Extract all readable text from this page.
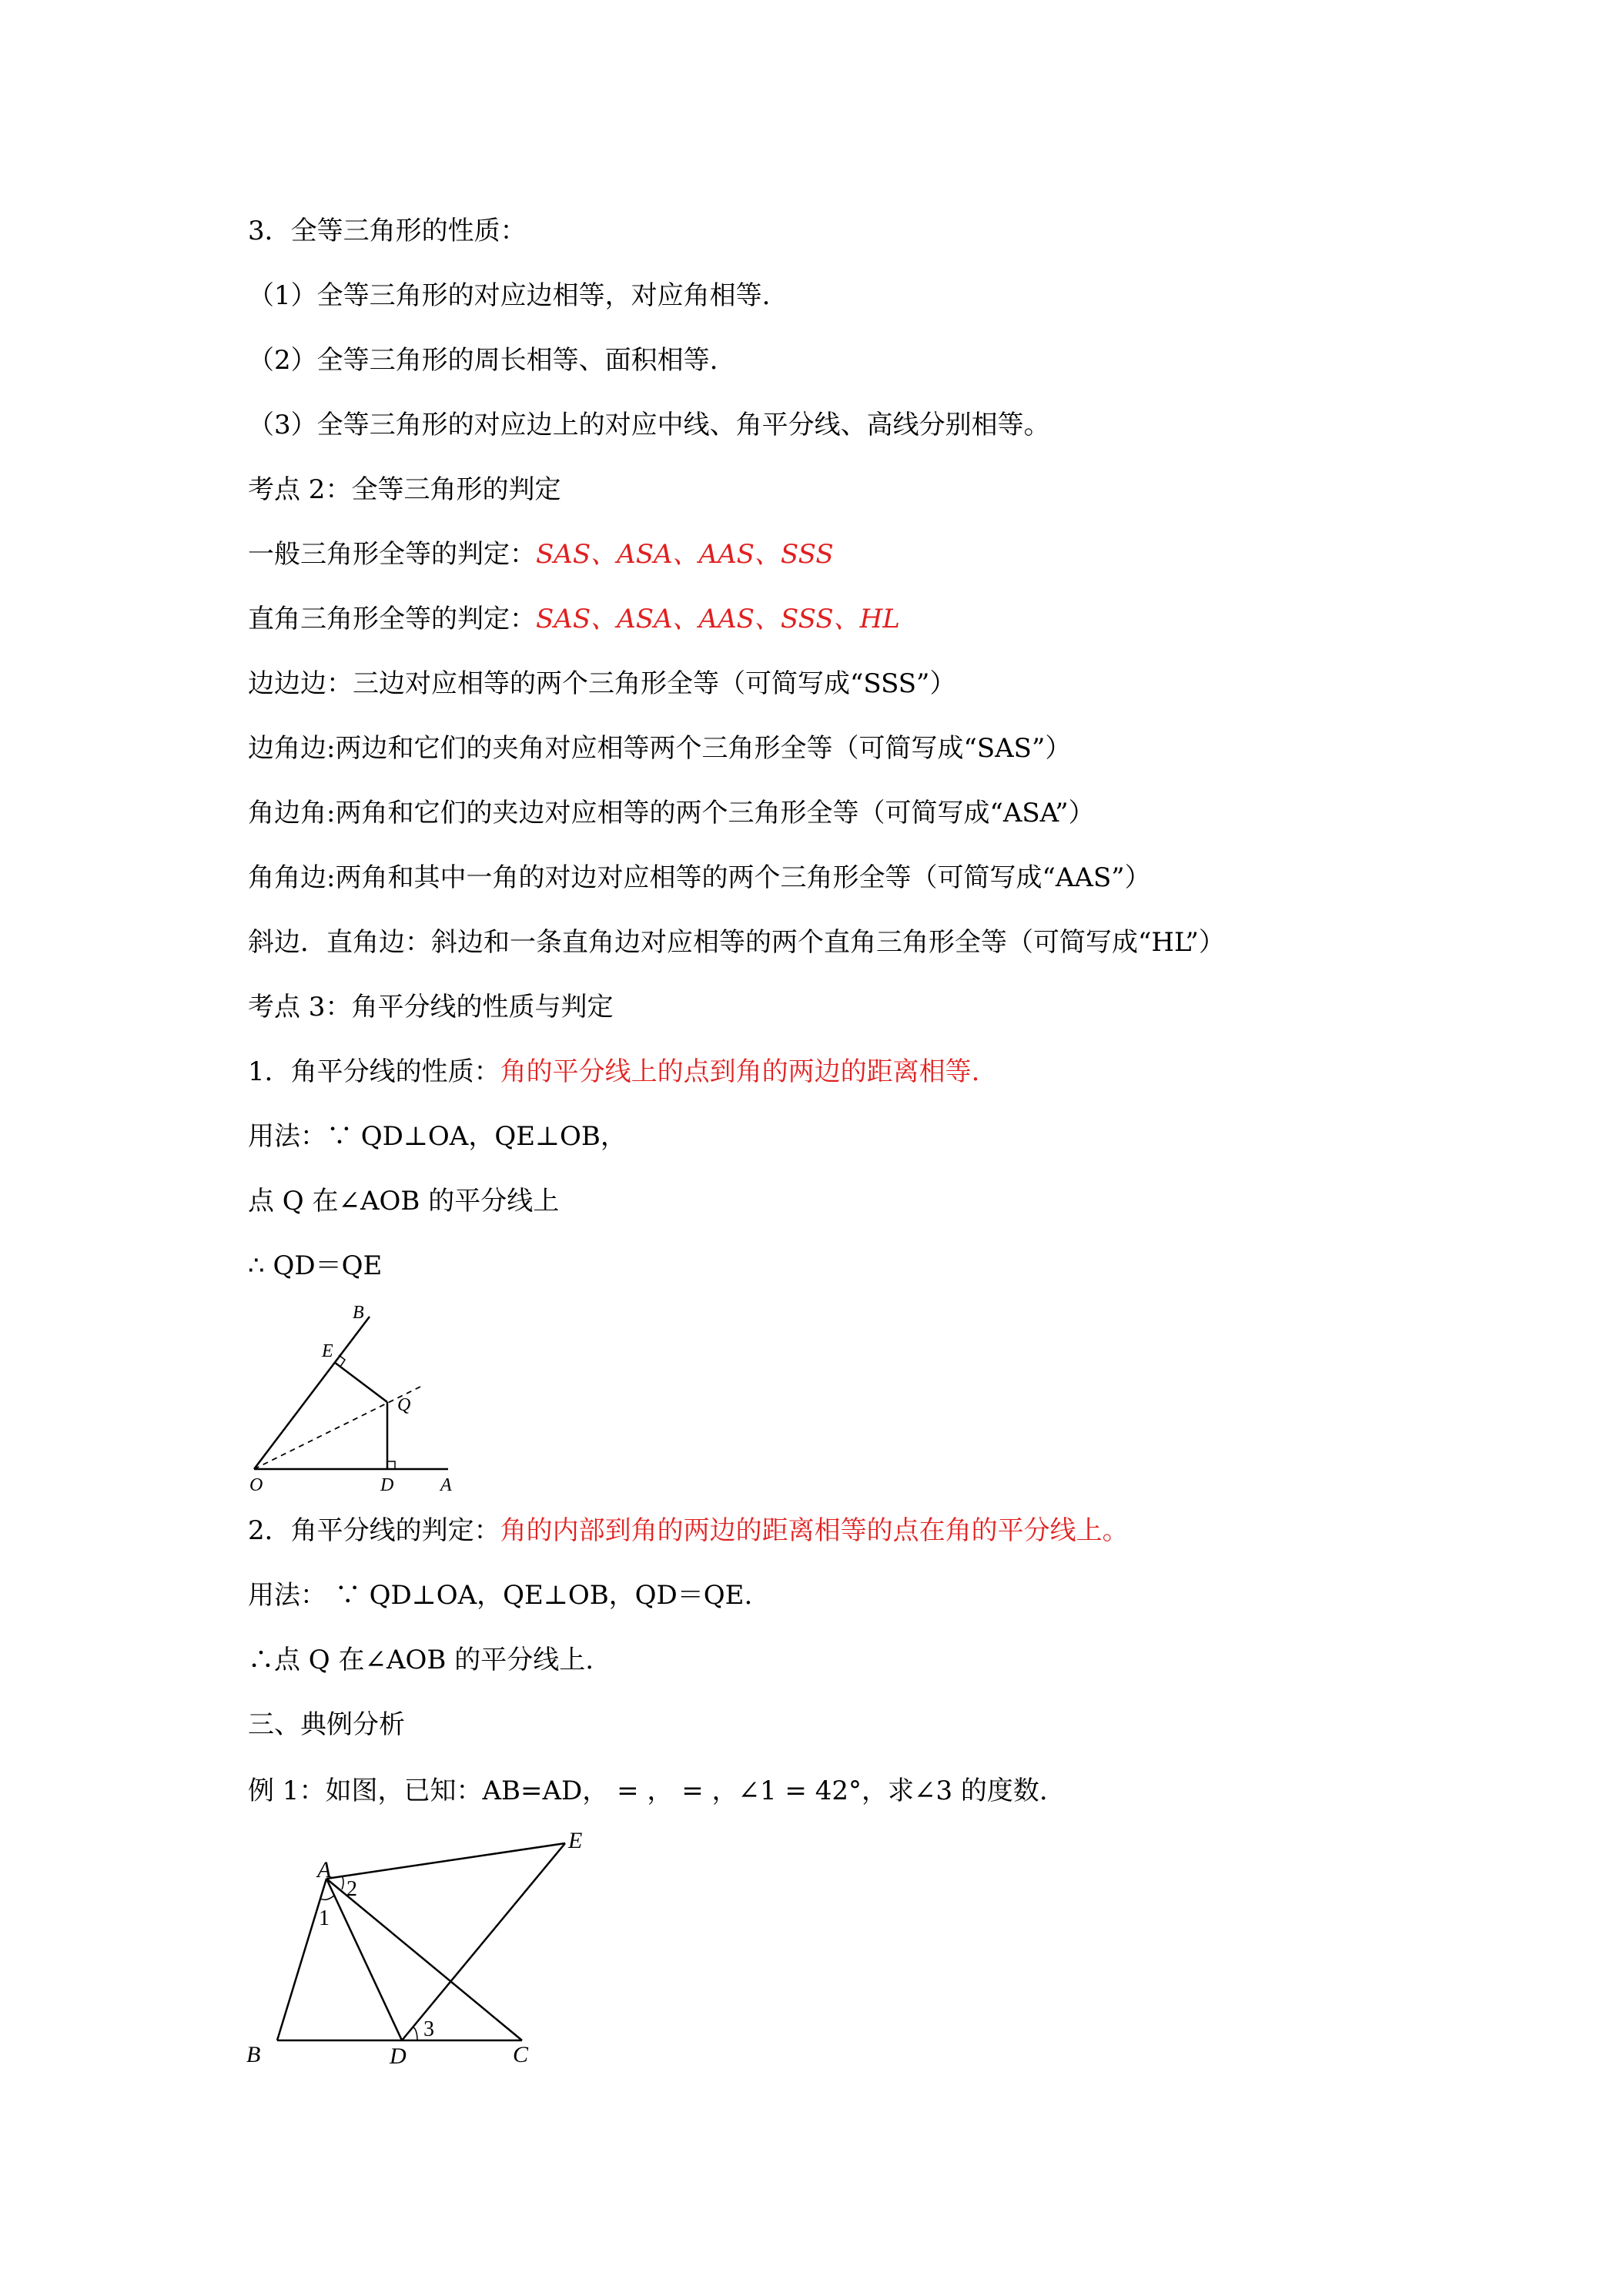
3．全等三角形的性质：
（1）全等三角形的对应边相等，对应角相等.
（2）全等三角形的周长相等、面积相等.
（3）全等三角形的对应边上的对应中线、角平分线、高线分别相等。
考点 2：全等三角形的判定
一般三角形全等的判定：SAS、ASA、AAS、SSS
直角三角形全等的判定：SAS、ASA、AAS、SSS、HL
边边边：三边对应相等的两个三角形全等（可简写成“SSS”）
边角边:两边和它们的夹角对应相等两个三角形全等（可简写成“SAS”）
角边角:两角和它们的夹边对应相等的两个三角形全等（可简写成“ASA”）
角角边:两角和其中一角的对边对应相等的两个三角形全等（可简写成“AAS”）
斜边．直角边：斜边和一条直角边对应相等的两个直角三角形全等（可简写成“HL”）
考点 3：角平分线的性质与判定
1．角平分线的性质：角的平分线上的点到角的两边的距离相等.
用法：∵ QD⊥OA，QE⊥OB，
点 Q 在∠AOB 的平分线上
∴ QD＝QE
B
E
Q
O	D	A
2．角平分线的判定：角的内部到角的两边的距离相等的点在角的平分线上。
用法： ∵ QD⊥OA，QE⊥OB，QD＝QE.
∴点 Q 在∠AOB 的平分线上.
三、典例分析
例 1：如图，已知：AB=AD， = ， = ，∠1 = 42°，求∠3 的度数.
A
E
1
2
3
B	D	C
